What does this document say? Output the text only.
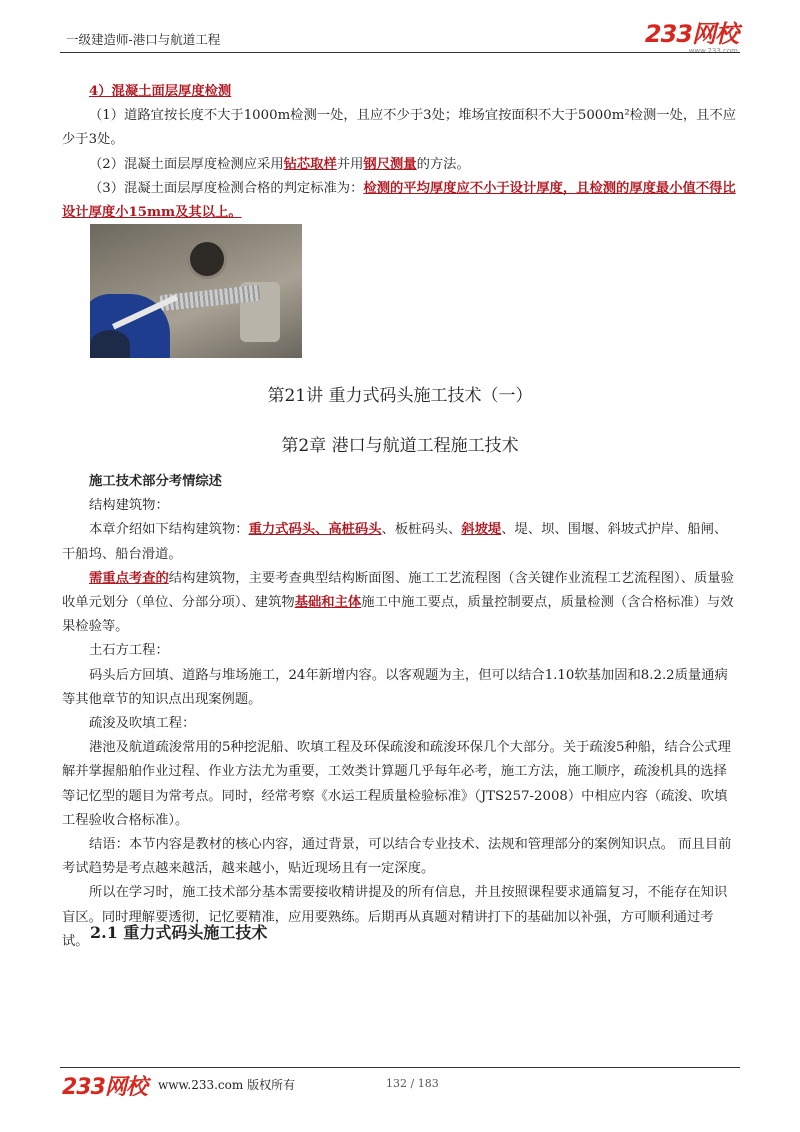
一级建造师-港口与航道工程	233网校
www.233.com

4）混凝土面层厚度检测

（1）道路宜按长度不大于1000m检测一处，且应不少于3处；堆场宜按面积不大于5000m²检测一处，且不应少于3处。

（2）混凝土面层厚度检测应采用钻芯取样并用钢尺测量的方法。

（3）混凝土面层厚度检测合格的判定标准为：检测的平均厚度应不小于设计厚度，且检测的厚度最小值不得比设计厚度小15mm及其以上。

第21讲 重力式码头施工技术（一）
第2章 港口与航道工程施工技术

施工技术部分考情综述

结构建筑物：

本章介绍如下结构建筑物：重力式码头、高桩码头、板桩码头、斜坡堤、堤、坝、围堰、斜坡式护岸、船闸、干船坞、船台滑道。

需重点考查的结构建筑物，主要考查典型结构断面图、施工工艺流程图（含关键作业流程工艺流程图）、质量验收单元划分（单位、分部分项）、建筑物基础和主体施工中施工要点，质量控制要点，质量检测（含合格标准）与效果检验等。

土石方工程：

码头后方回填、道路与堆场施工，24年新增内容。以客观题为主，但可以结合1.10软基加固和8.2.2质量通病等其他章节的知识点出现案例题。

疏浚及吹填工程：

港池及航道疏浚常用的5种挖泥船、吹填工程及环保疏浚和疏浚环保几个大部分。关于疏浚5种船，结合公式理解并掌握船舶作业过程、作业方法尤为重要，工效类计算题几乎每年必考，施工方法，施工顺序，疏浚机具的选择等记忆型的题目为常考点。同时，经常考察《水运工程质量检验标准》（JTS257-2008）中相应内容（疏浚、吹填工程验收合格标准）。

结语：本节内容是教材的核心内容，通过背景，可以结合专业技术、法规和管理部分的案例知识点。 而且目前考试趋势是考点越来越活，越来越小，贴近现场且有一定深度。

所以在学习时，施工技术部分基本需要接收精讲提及的所有信息，并且按照课程要求通篇复习，不能存在知识盲区。同时理解要透彻，记忆要精准，应用要熟练。后期再从真题对精讲打下的基础加以补强，方可顺利通过考试。 2.1 重力式码头施工技术
233网校 www.233.com 版权所有	132 / 183
